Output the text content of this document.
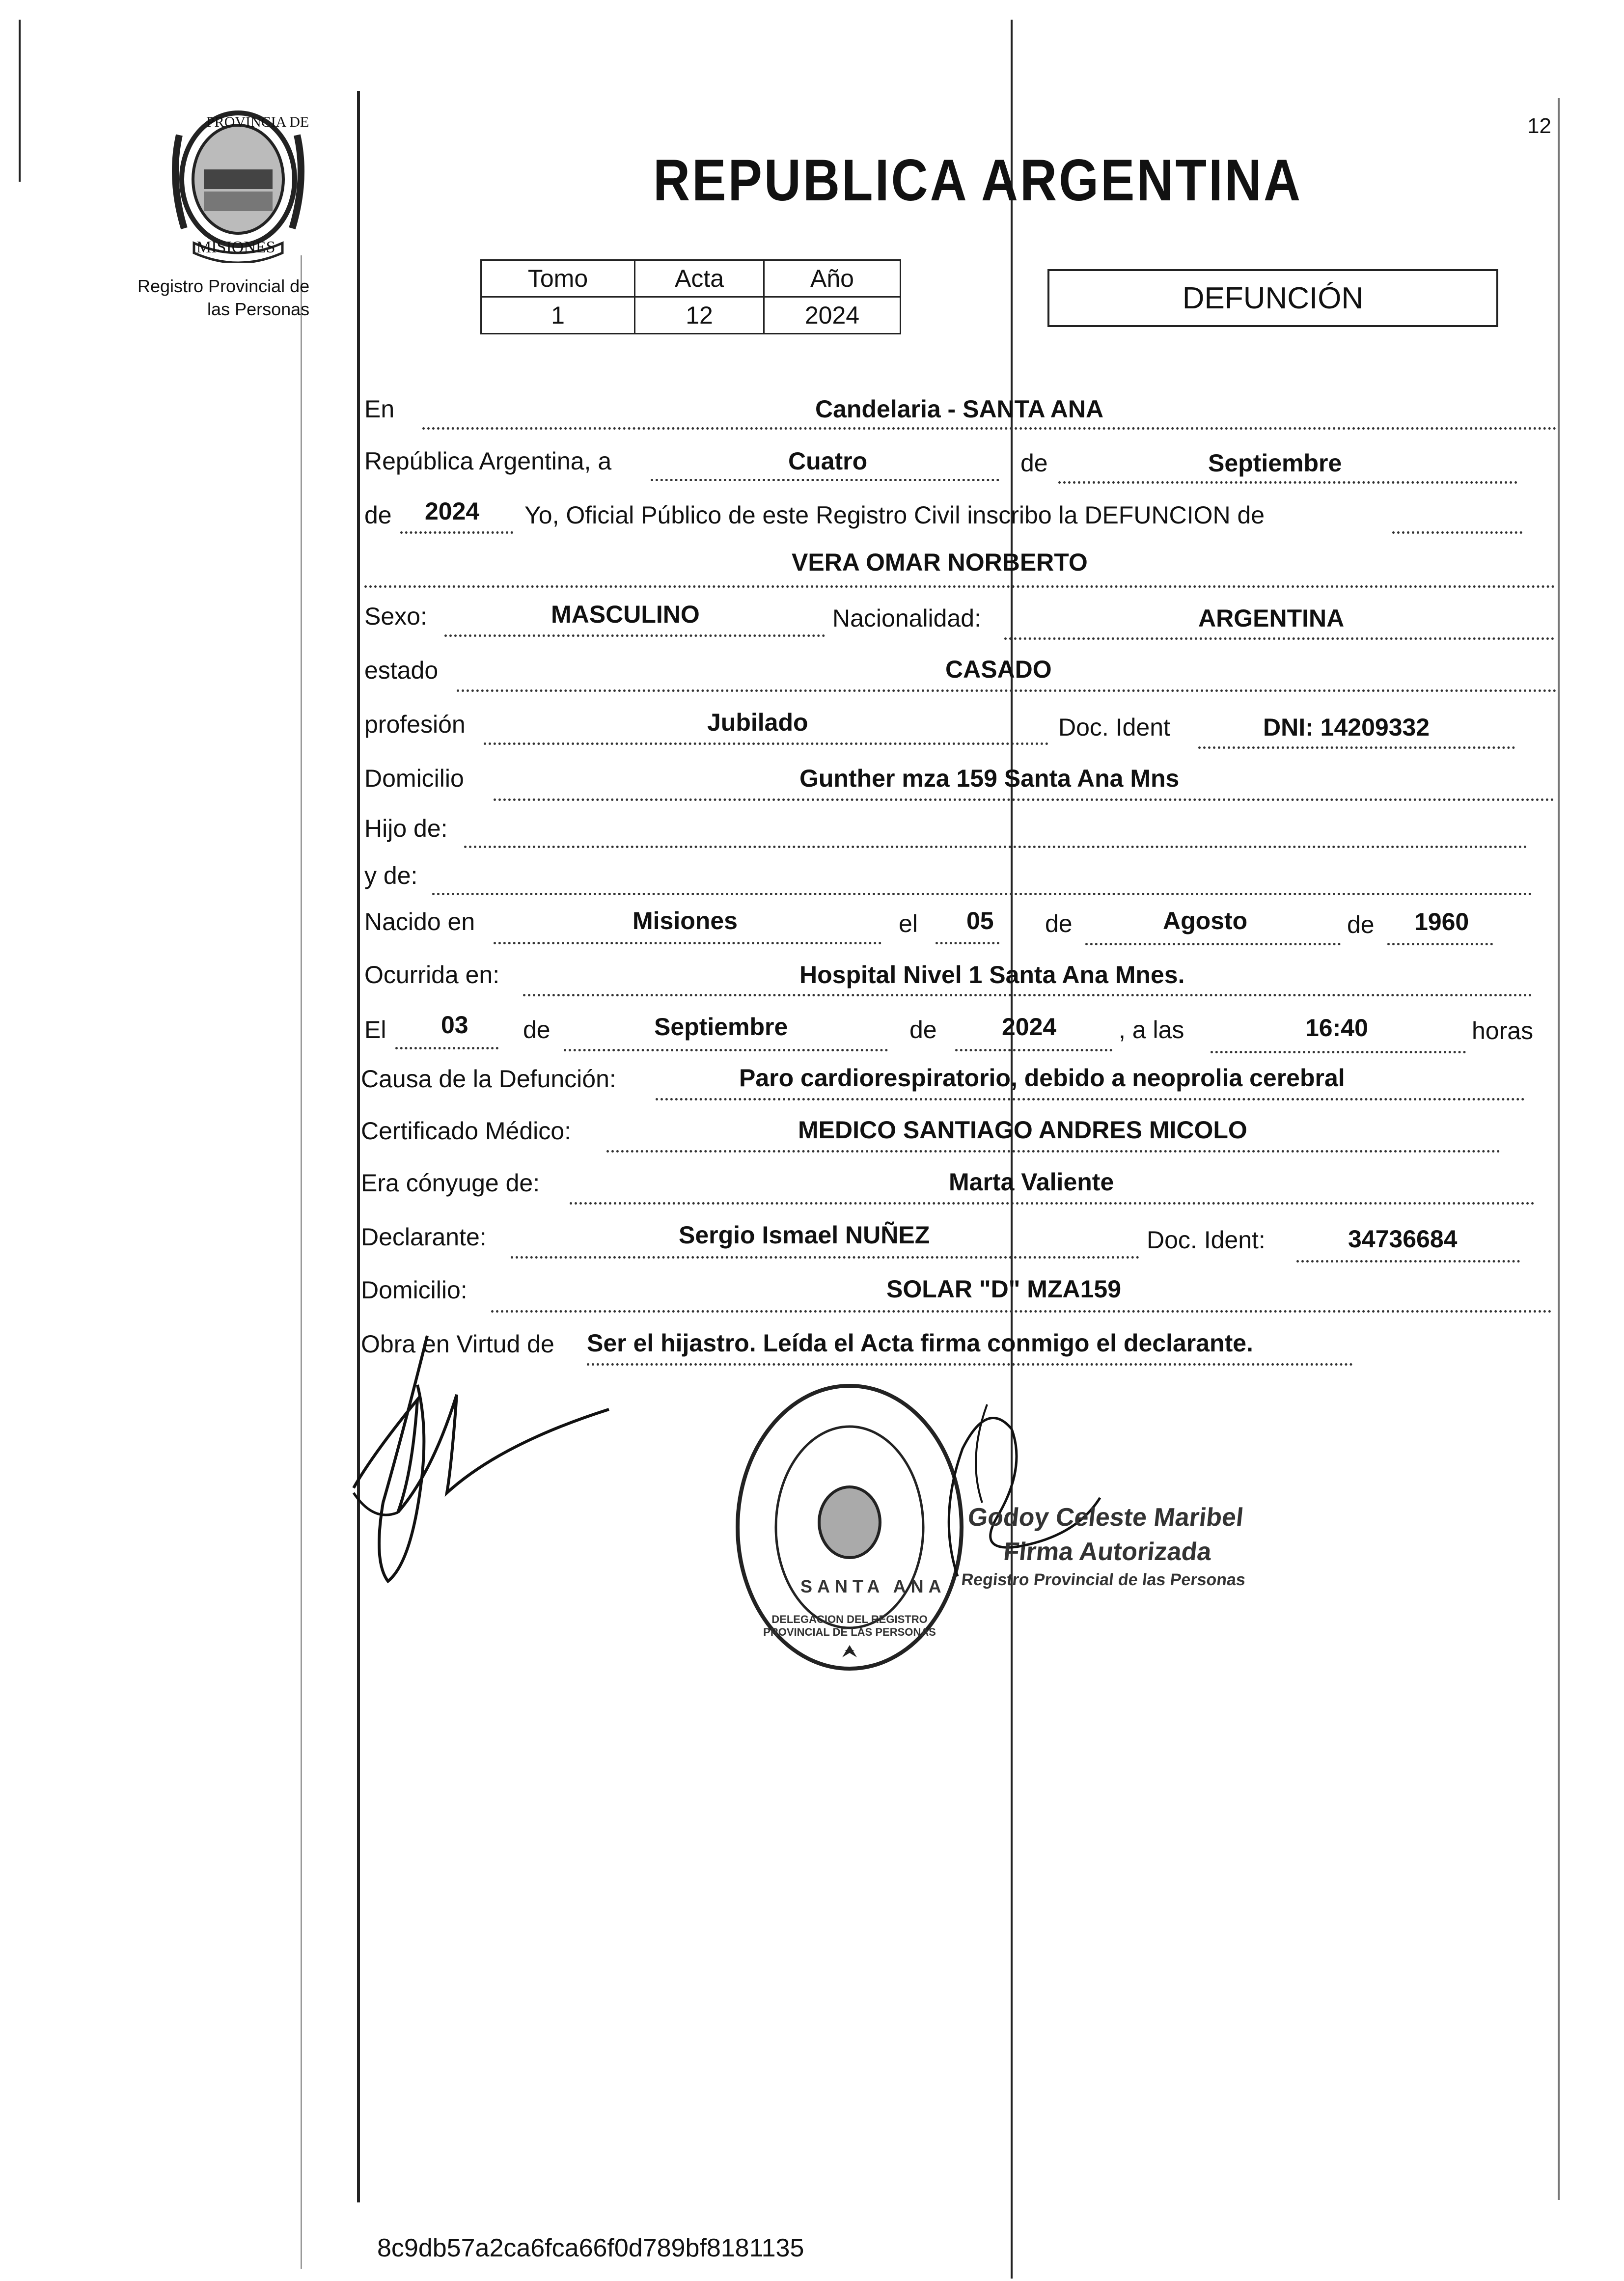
PROVINCIA DE
MISIONES
Registro Provincial de
las Personas
12
REPUBLICA ARGENTINA
Tomo	Acta	Año
1	12	2024
DEFUNCIÓN
En	Candelaria - SANTA ANA
República Argentina, a	Cuatro	de	Septiembre
de 2024 Yo, Oficial Público de este Registro Civil inscribo la DEFUNCION de
VERA OMAR NORBERTO
Sexo:	MASCULINO	Nacionalidad:	ARGENTINA
estado	CASADO
profesión	Jubilado	Doc. Ident	DNI: 14209332
Domicilio	Gunther mza 159 Santa Ana Mns
Hijo de:
y de:
Nacido en	Misiones	el 05 de	Agosto	de 1960
Ocurrida en:	Hospital Nivel 1 Santa Ana Mnes.
El 03 de	Septiembre	de	2024	, a las	16:40	horas
Causa de la Defunción:	Paro cardiorespiratorio, debido a neoprolia cerebral
Certificado Médico:	MEDICO SANTIAGO ANDRES MICOLO
Era cónyuge de:	Marta Valiente
Declarante:	Sergio Ismael NUÑEZ	Doc. Ident:	34736684
Domicilio:	SOLAR "D" MZA159
Obra en Virtud de Ser el hijastro. Leída el Acta firma conmigo el declarante.
DELEGACION DEL REGISTRO PROVINCIAL DE LAS PERSONAS
SANTA ANA
Godoy Celeste Maribel
Firma Autorizada
Registro Provincial de las Personas
8c9db57a2ca6fca66f0d789bf8181135
